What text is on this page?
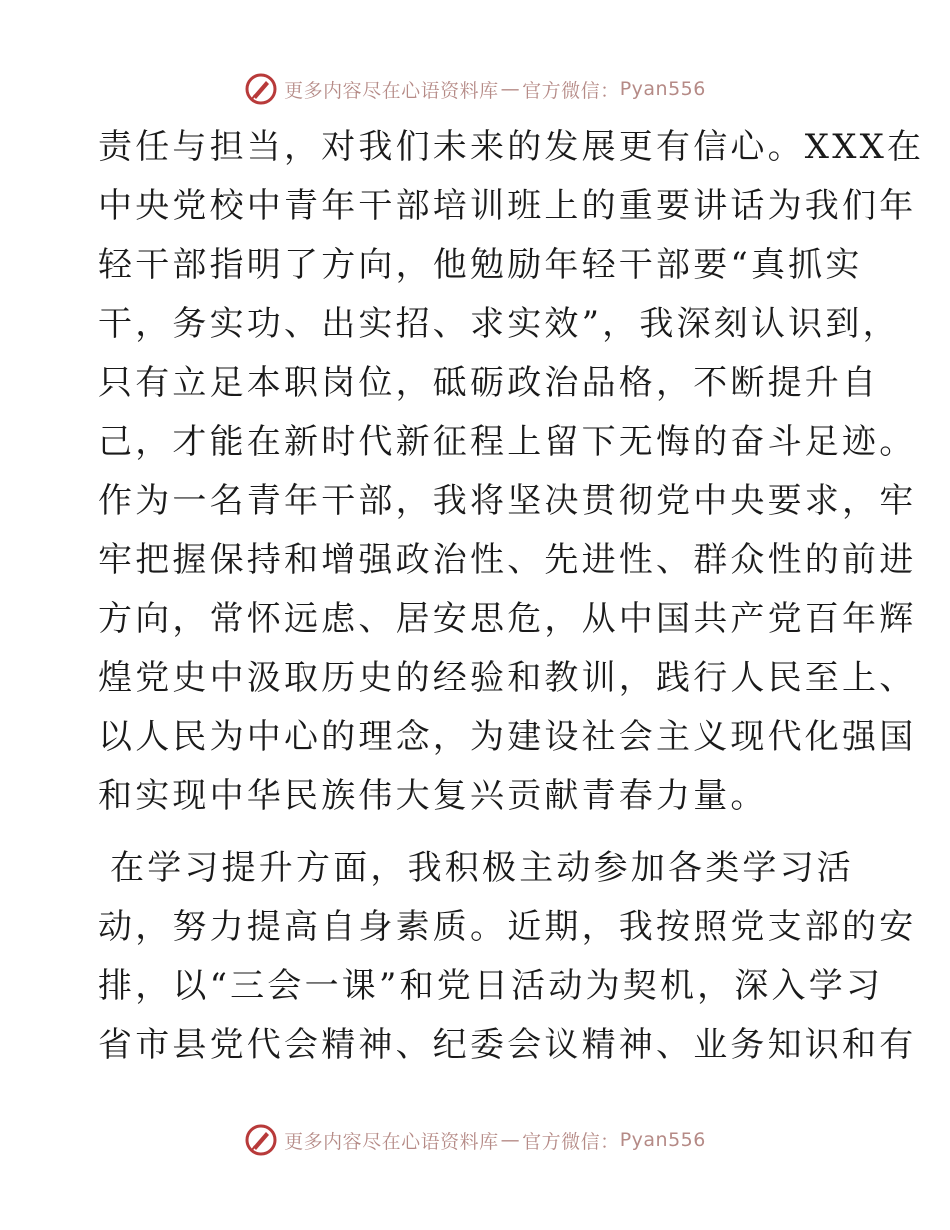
更多内容尽在心语资料库 — 官方微信： Pyan556
责任与担当，对我们未来的发展更有信心。XXX在
中央党校中青年干部培训班上的重要讲话为我们年
轻干部指明了方向，他勉励年轻干部要“真抓实
干，务实功、出实招、求实效”，我深刻认识到，
只有立足本职岗位，砥砺政治品格，不断提升自
己，才能在新时代新征程上留下无悔的奋斗足迹。
作为一名青年干部，我将坚决贯彻党中央要求，牢
牢把握保持和增强政治性、先进性、群众性的前进
方向，常怀远虑、居安思危，从中国共产党百年辉
煌党史中汲取历史的经验和教训，践行人民至上、
以人民为中心的理念，为建设社会主义现代化强国
和实现中华民族伟大复兴贡献青春力量。
在学习提升方面，我积极主动参加各类学习活
动，努力提高自身素质。近期，我按照党支部的安
排，以“三会一课”和党日活动为契机，深入学习
省市县党代会精神、纪委会议精神、业务知识和有
更多内容尽在心语资料库 — 官方微信： Pyan556
